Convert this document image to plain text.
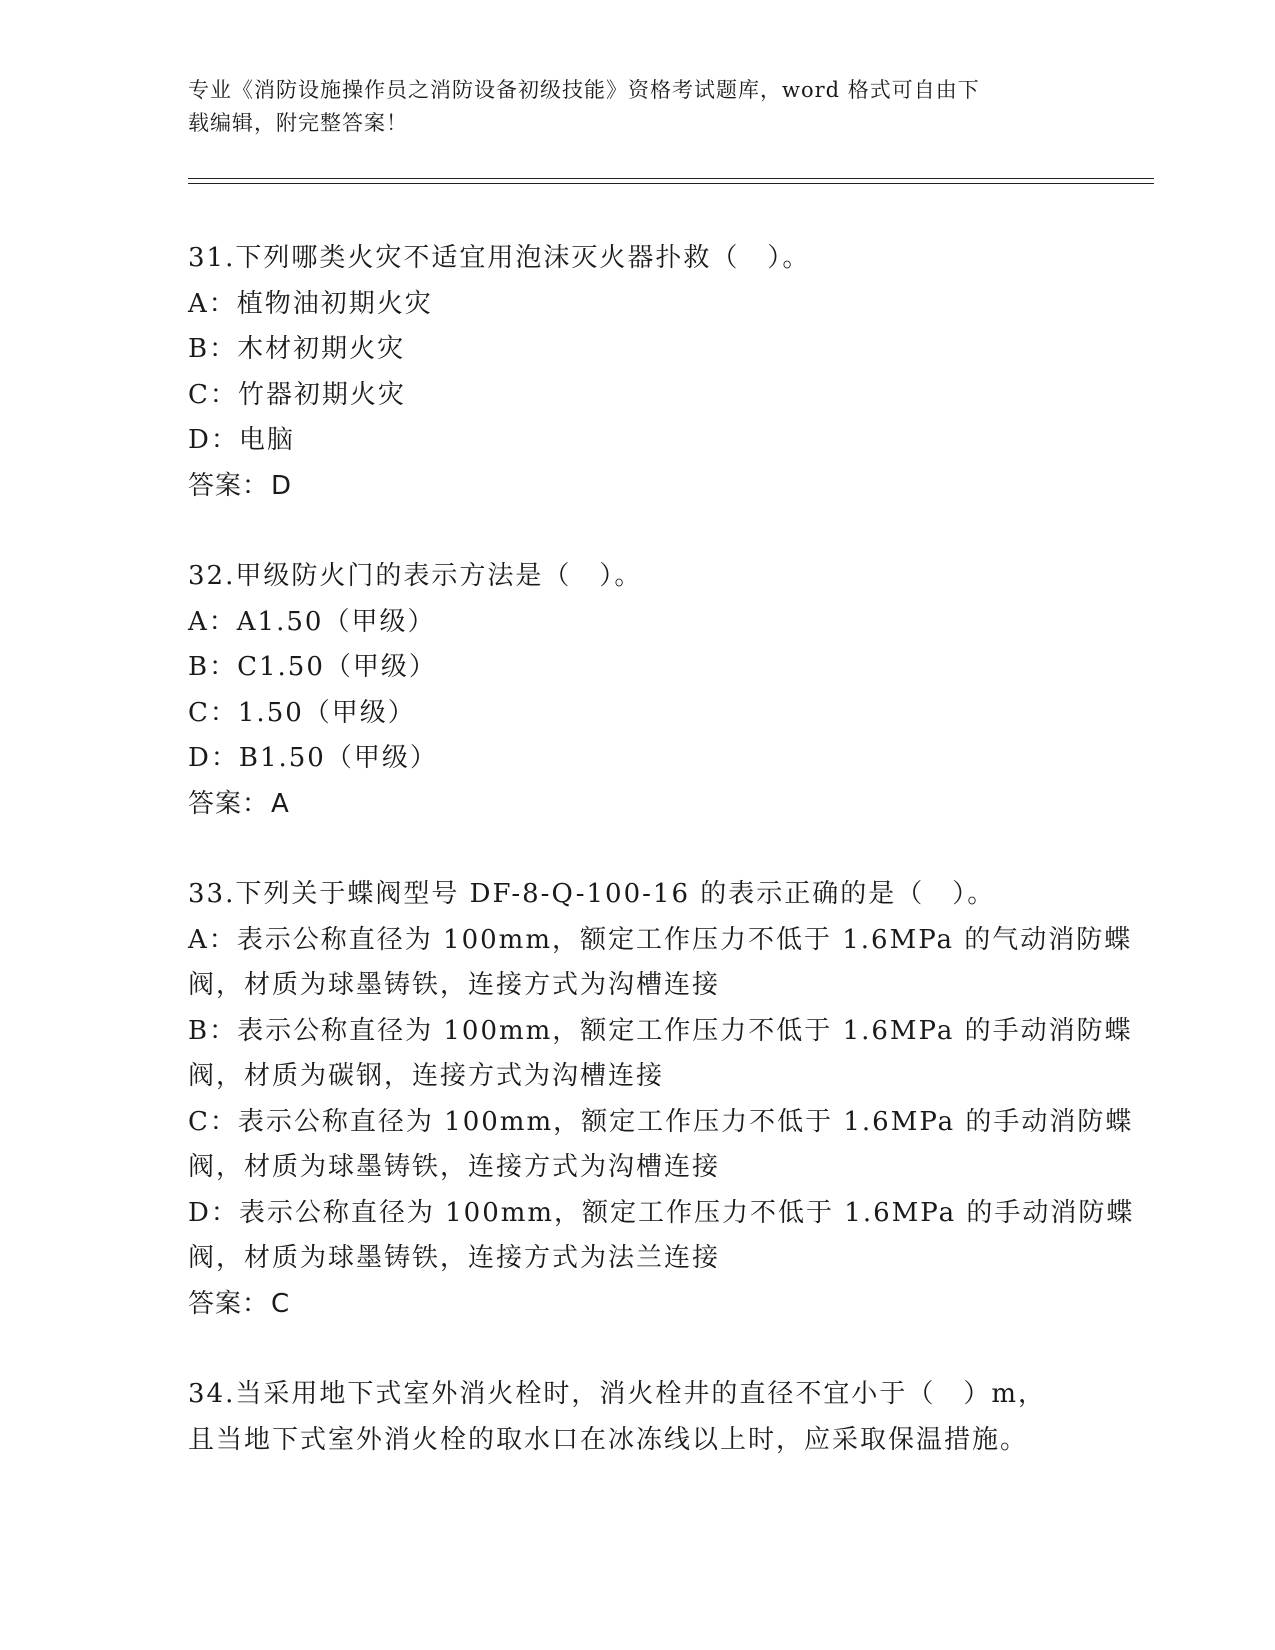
专业《消防设施操作员之消防设备初级技能》资格考试题库，word 格式可自由下
载编辑，附完整答案！
31.下列哪类火灾不适宜用泡沫灭火器扑救（　）。
A：植物油初期火灾
B：木材初期火灾
C：竹器初期火灾
D：电脑
答案：D
32.甲级防火门的表示方法是（　）。
A：A1.50（甲级）
B：C1.50（甲级）
C：1.50（甲级）
D：B1.50（甲级）
答案：A
33.下列关于蝶阀型号 DF-8-Q-100-16 的表示正确的是（　）。
A：表示公称直径为 100mm，额定工作压力不低于 1.6MPa 的气动消防蝶
阀，材质为球墨铸铁，连接方式为沟槽连接
B：表示公称直径为 100mm，额定工作压力不低于 1.6MPa 的手动消防蝶
阀，材质为碳钢，连接方式为沟槽连接
C：表示公称直径为 100mm，额定工作压力不低于 1.6MPa 的手动消防蝶
阀，材质为球墨铸铁，连接方式为沟槽连接
D：表示公称直径为 100mm，额定工作压力不低于 1.6MPa 的手动消防蝶
阀，材质为球墨铸铁，连接方式为法兰连接
答案：C
34.当采用地下式室外消火栓时，消火栓井的直径不宜小于（　）m，
且当地下式室外消火栓的取水口在冰冻线以上时，应采取保温措施。
